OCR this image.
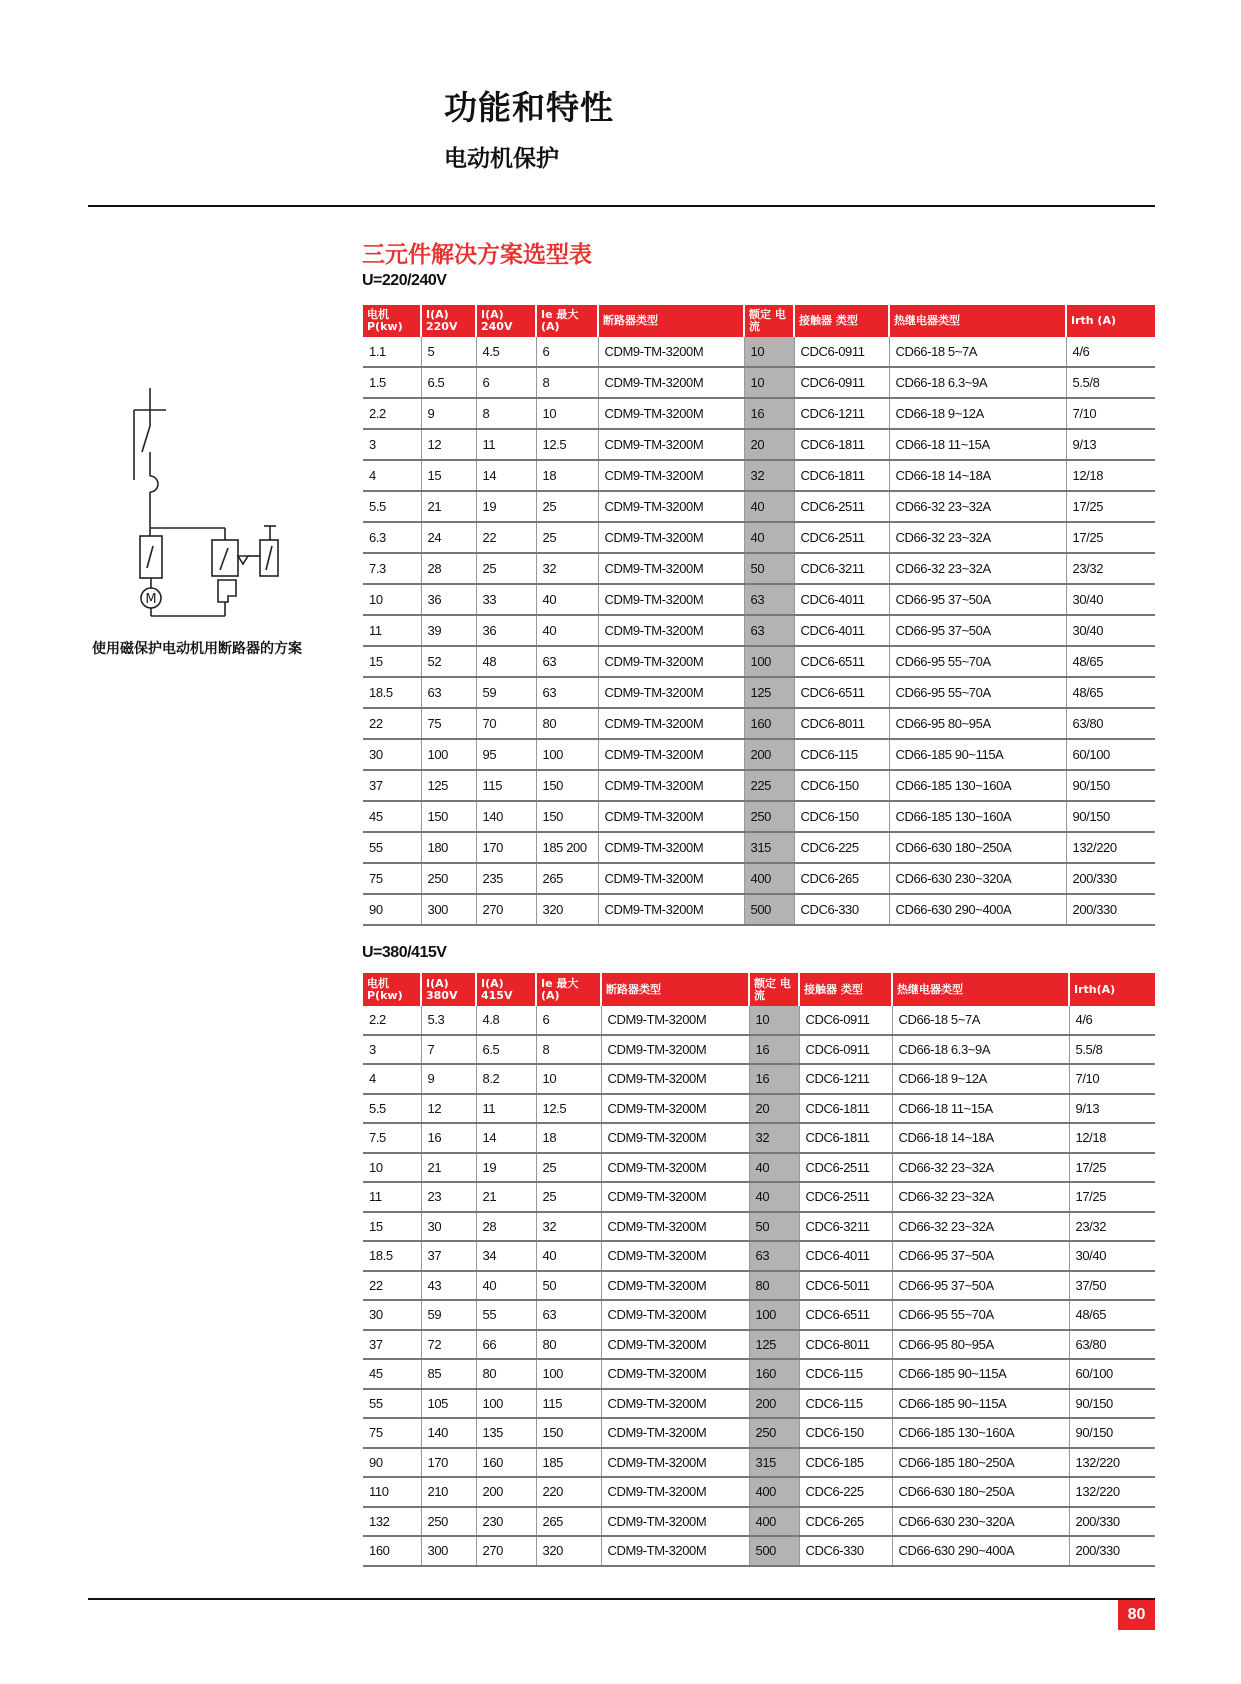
功能和特性
电动机保护
三元件解决方案选型表
U=220/240V
电机 P(kw)	I(A) 220V	I(A) 240V	Ie 最大 (A)	断路器类型	额定 电流	接触器 类型	热继电器类型	Irth (A)
1.1	5	4.5	6	CDM9-TM-3200M	10	CDC6-0911	CD66-18 5~7A	4/6
1.5	6.5	6	8	CDM9-TM-3200M	10	CDC6-0911	CD66-18 6.3~9A	5.5/8
2.2	9	8	10	CDM9-TM-3200M	16	CDC6-1211	CD66-18 9~12A	7/10
3	12	11	12.5	CDM9-TM-3200M	20	CDC6-1811	CD66-18 11~15A	9/13
4	15	14	18	CDM9-TM-3200M	32	CDC6-1811	CD66-18 14~18A	12/18
5.5	21	19	25	CDM9-TM-3200M	40	CDC6-2511	CD66-32 23~32A	17/25
6.3	24	22	25	CDM9-TM-3200M	40	CDC6-2511	CD66-32 23~32A	17/25
7.3	28	25	32	CDM9-TM-3200M	50	CDC6-3211	CD66-32 23~32A	23/32
10	36	33	40	CDM9-TM-3200M	63	CDC6-4011	CD66-95 37~50A	30/40
11	39	36	40	CDM9-TM-3200M	63	CDC6-4011	CD66-95 37~50A	30/40
15	52	48	63	CDM9-TM-3200M	100	CDC6-6511	CD66-95 55~70A	48/65
18.5	63	59	63	CDM9-TM-3200M	125	CDC6-6511	CD66-95 55~70A	48/65
22	75	70	80	CDM9-TM-3200M	160	CDC6-8011	CD66-95 80~95A	63/80
30	100	95	100	CDM9-TM-3200M	200	CDC6-115	CD66-185 90~115A	60/100
37	125	115	150	CDM9-TM-3200M	225	CDC6-150	CD66-185 130~160A	90/150
45	150	140	150	CDM9-TM-3200M	250	CDC6-150	CD66-185 130~160A	90/150
55	180	170	185 200	CDM9-TM-3200M	315	CDC6-225	CD66-630 180~250A	132/220
75	250	235	265	CDM9-TM-3200M	400	CDC6-265	CD66-630 230~320A	200/330
90	300	270	320	CDM9-TM-3200M	500	CDC6-330	CD66-630 290~400A	200/330
U=380/415V
电机 P(kw)	I(A) 380V	I(A) 415V	Ie 最大 (A)	断路器类型	额定 电流	接触器 类型	热继电器类型	Irth(A)
2.2	5.3	4.8	6	CDM9-TM-3200M	10	CDC6-0911	CD66-18 5~7A	4/6
3	7	6.5	8	CDM9-TM-3200M	16	CDC6-0911	CD66-18 6.3~9A	5.5/8
4	9	8.2	10	CDM9-TM-3200M	16	CDC6-1211	CD66-18 9~12A	7/10
5.5	12	11	12.5	CDM9-TM-3200M	20	CDC6-1811	CD66-18 11~15A	9/13
7.5	16	14	18	CDM9-TM-3200M	32	CDC6-1811	CD66-18 14~18A	12/18
10	21	19	25	CDM9-TM-3200M	40	CDC6-2511	CD66-32 23~32A	17/25
11	23	21	25	CDM9-TM-3200M	40	CDC6-2511	CD66-32 23~32A	17/25
15	30	28	32	CDM9-TM-3200M	50	CDC6-3211	CD66-32 23~32A	23/32
18.5	37	34	40	CDM9-TM-3200M	63	CDC6-4011	CD66-95 37~50A	30/40
22	43	40	50	CDM9-TM-3200M	80	CDC6-5011	CD66-95 37~50A	37/50
30	59	55	63	CDM9-TM-3200M	100	CDC6-6511	CD66-95 55~70A	48/65
37	72	66	80	CDM9-TM-3200M	125	CDC6-8011	CD66-95 80~95A	63/80
45	85	80	100	CDM9-TM-3200M	160	CDC6-115	CD66-185 90~115A	60/100
55	105	100	115	CDM9-TM-3200M	200	CDC6-115	CD66-185 90~115A	90/150
75	140	135	150	CDM9-TM-3200M	250	CDC6-150	CD66-185 130~160A	90/150
90	170	160	185	CDM9-TM-3200M	315	CDC6-185	CD66-185 180~250A	132/220
110	210	200	220	CDM9-TM-3200M	400	CDC6-225	CD66-630 180~250A	132/220
132	250	230	265	CDM9-TM-3200M	400	CDC6-265	CD66-630 230~320A	200/330
160	300	270	320	CDM9-TM-3200M	500	CDC6-330	CD66-630 290~400A	200/330
M
使用磁保护电动机用断路器的方案
80
